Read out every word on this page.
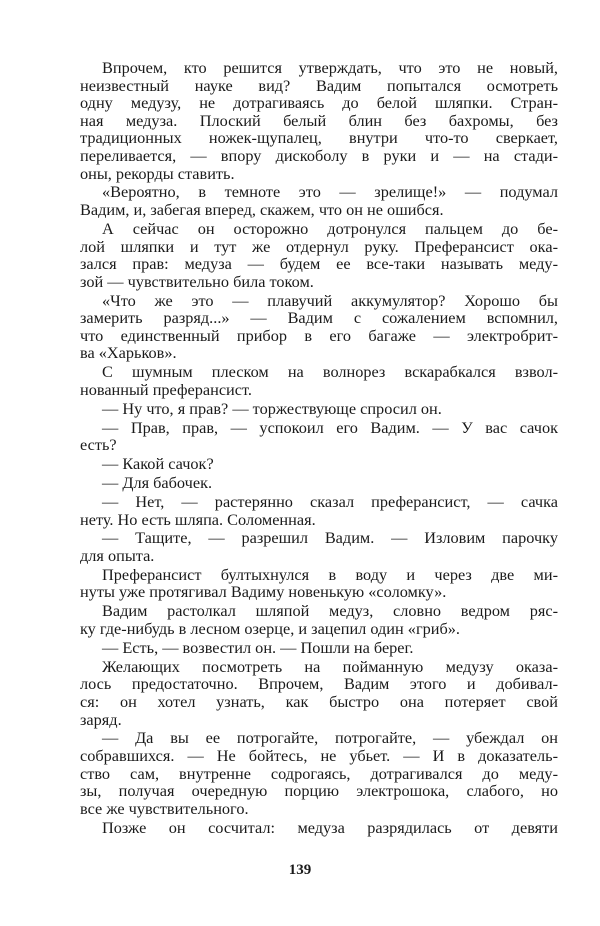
Впрочем, кто решится утверждать, что это не новый,
неизвестный науке вид? Вадим попытался осмотреть
одну медузу, не дотрагиваясь до белой шляпки. Стран-
ная медуза. Плоский белый блин без бахромы, без
традиционных ножек-щупалец, внутри что-то сверкает,
переливается, — впору дискоболу в руки и — на стади-
оны, рекорды ставить.
«Вероятно, в темноте это — зрелище!» — подумал
Вадим, и, забегая вперед, скажем, что он не ошибся.
А сейчас он осторожно дотронулся пальцем до бе-
лой шляпки и тут же отдернул руку. Преферансист ока-
зался прав: медуза — будем ее все-таки называть меду-
зой — чувствительно била током.
«Что же это — плавучий аккумулятор? Хорошо бы
замерить разряд...» — Вадим с сожалением вспомнил,
что единственный прибор в его багаже — электробрит-
ва «Харьков».
С шумным плеском на волнорез вскарабкался взвол-
нованный преферансист.
— Ну что, я прав? — торжествующе спросил он.
— Прав, прав, — успокоил его Вадим. — У вас сачок
есть?
— Какой сачок?
— Для бабочек.
— Нет, — растерянно сказал преферансист, — сачка
нету. Но есть шляпа. Соломенная.
— Тащите, — разрешил Вадим. — Изловим парочку
для опыта.
Преферансист бултыхнулся в воду и через две ми-
нуты уже протягивал Вадиму новенькую «соломку».
Вадим растолкал шляпой медуз, словно ведром ряс-
ку где-нибудь в лесном озерце, и зацепил один «гриб».
— Есть, — возвестил он. — Пошли на берег.
Желающих посмотреть на пойманную медузу оказа-
лось предостаточно. Впрочем, Вадим этого и добивал-
ся: он хотел узнать, как быстро она потеряет свой
заряд.
— Да вы ее потрогайте, потрогайте, — убеждал он
собравшихся. — Не бойтесь, не убьет. — И в доказатель-
ство сам, внутренне содрогаясь, дотрагивался до меду-
зы, получая очередную порцию электрошока, слабого, но
все же чувствительного.
Позже он сосчитал: медуза разрядилась от девяти
139
